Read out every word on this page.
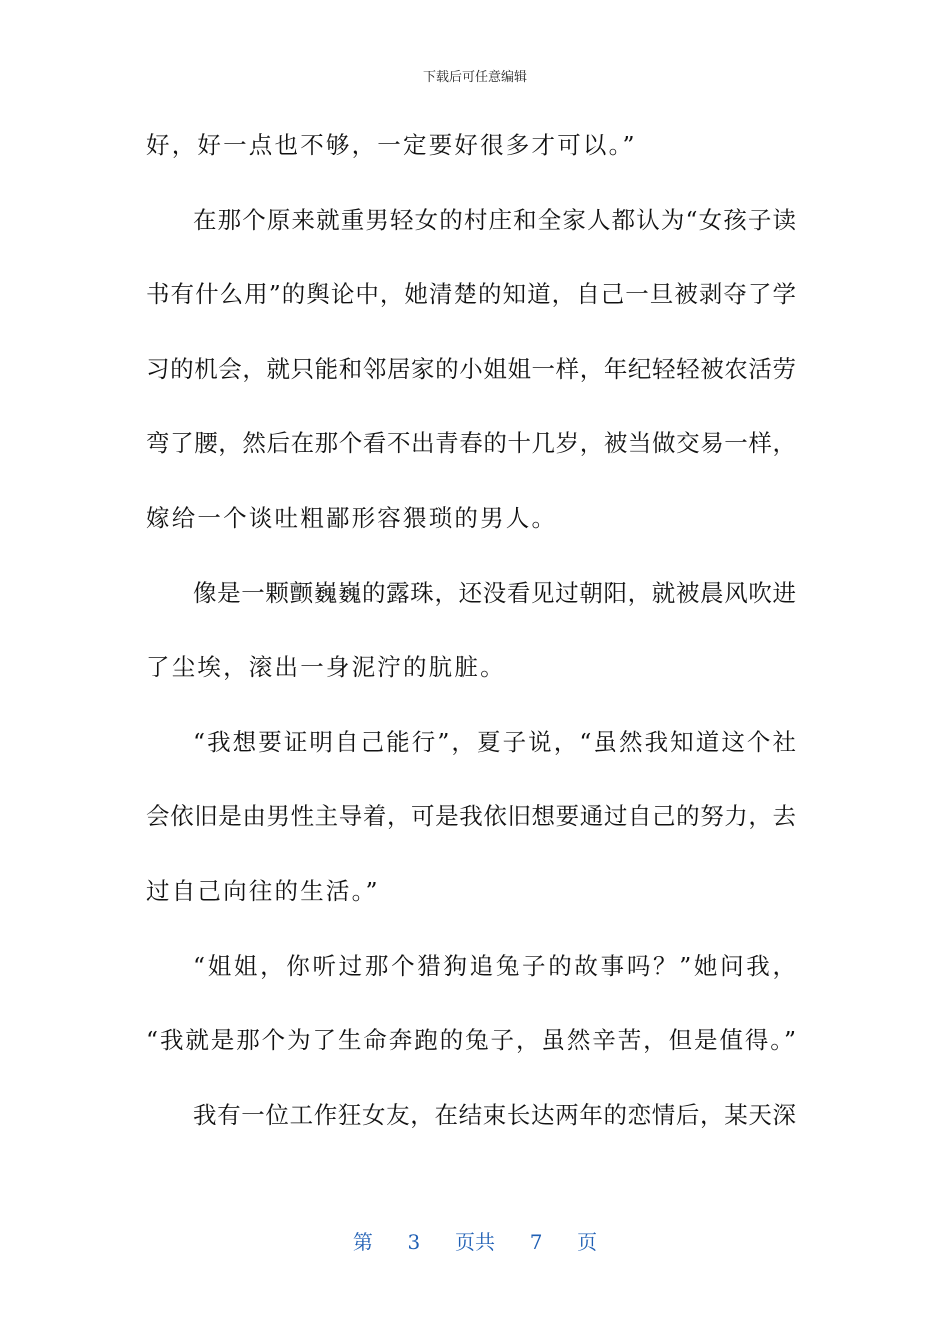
下载后可任意编辑
好，好一点也不够，一定要好很多才可以。”
在那个原来就重男轻女的村庄和全家人都认为“女孩子读
书有什么用”的舆论中，她清楚的知道，自己一旦被剥夺了学
习的机会，就只能和邻居家的小姐姐一样，年纪轻轻被农活劳
弯了腰，然后在那个看不出青春的十几岁，被当做交易一样，
嫁给一个谈吐粗鄙形容猥琐的男人。
像是一颗颤巍巍的露珠，还没看见过朝阳，就被晨风吹进
了尘埃，滚出一身泥泞的肮脏。
“我想要证明自己能行”，夏子说，“虽然我知道这个社
会依旧是由男性主导着，可是我依旧想要通过自己的努力，去
过自己向往的生活。”
“姐姐，你听过那个猎狗追兔子的故事吗？”她问我，
“我就是那个为了生命奔跑的兔子，虽然辛苦，但是值得。”
我有一位工作狂女友，在结束长达两年的恋情后，某天深
第 3 页共 7 页
